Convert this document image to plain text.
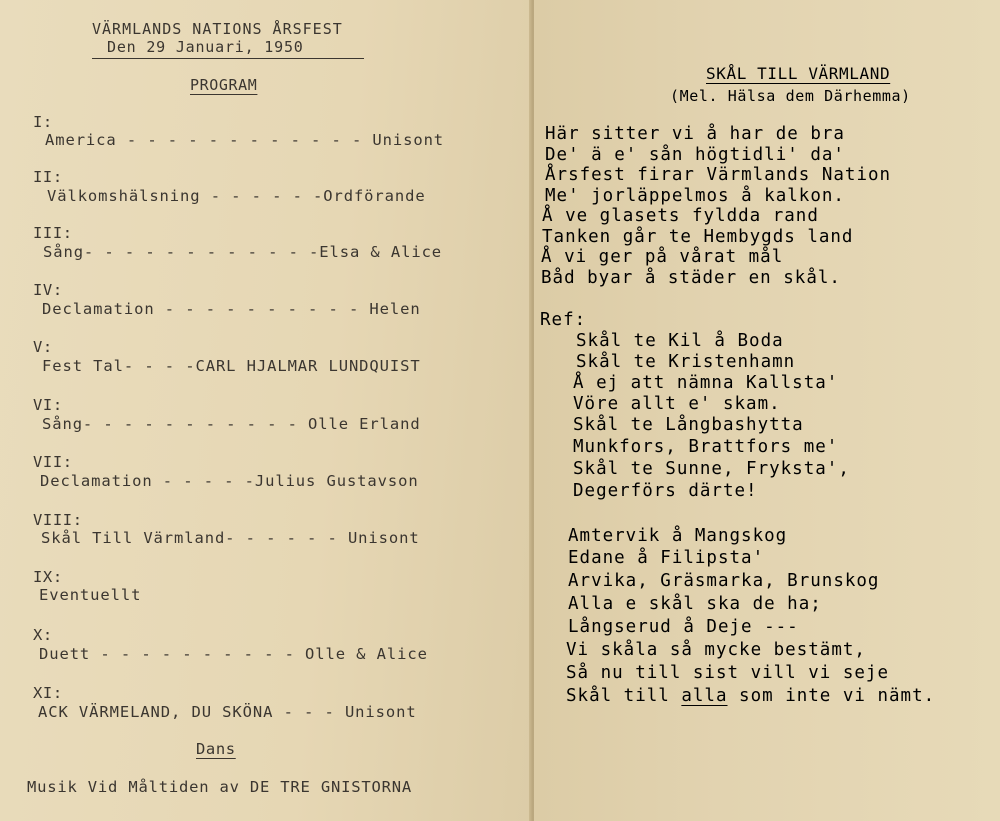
VÄRMLANDS NATIONS ÅRSFEST
Den 29 Januari, 1950
PROGRAM
I:
America - - - - - - - - - - - - Unisont
II:
Välkomshälsning - - - - - -Ordförande
III:
Sång- - - - - - - - - - - -Elsa & Alice
IV:
Declamation - - - - - - - - - - Helen
V:
Fest Tal- - - -CARL HJALMAR LUNDQUIST
VI:
Sång- - - - - - - - - - - Olle Erland
VII:
Declamation - - - - -Julius Gustavson
VIII:
Skål Till Värmland- - - - - - Unisont
IX:
Eventuellt
X:
Duett - - - - - - - - - - Olle & Alice
XI:
ACK VÄRMELAND, DU SKÖNA - - - Unisont
Dans
Musik Vid Måltiden av DE TRE GNISTORNA
SKÅL TILL VÄRMLAND
(Mel. Hälsa dem Därhemma)
Här sitter vi å har de bra
De' ä e' sån högtidli' da'
Årsfest firar Värmlands Nation
Me' jorläppelmos å kalkon.
Å ve glasets fyldda rand
Tanken går te Hembygds land
Å vi ger på vårat mål
Båd byar å städer en skål.
Ref:
Skål te Kil å Boda
Skål te Kristenhamn
Å ej att nämna Kallsta'
Vöre allt e' skam.
Skål te Långbashytta
Munkfors, Brattfors me'
Skål te Sunne, Fryksta',
Degerförs därte!
Amtervik å Mangskog
Edane å Filipsta'
Arvika, Gräsmarka, Brunskog
Alla e skål ska de ha;
Långserud å Deje ---
Vi skåla så mycke bestämt,
Så nu till sist vill vi seje
Skål till alla som inte vi nämt.
